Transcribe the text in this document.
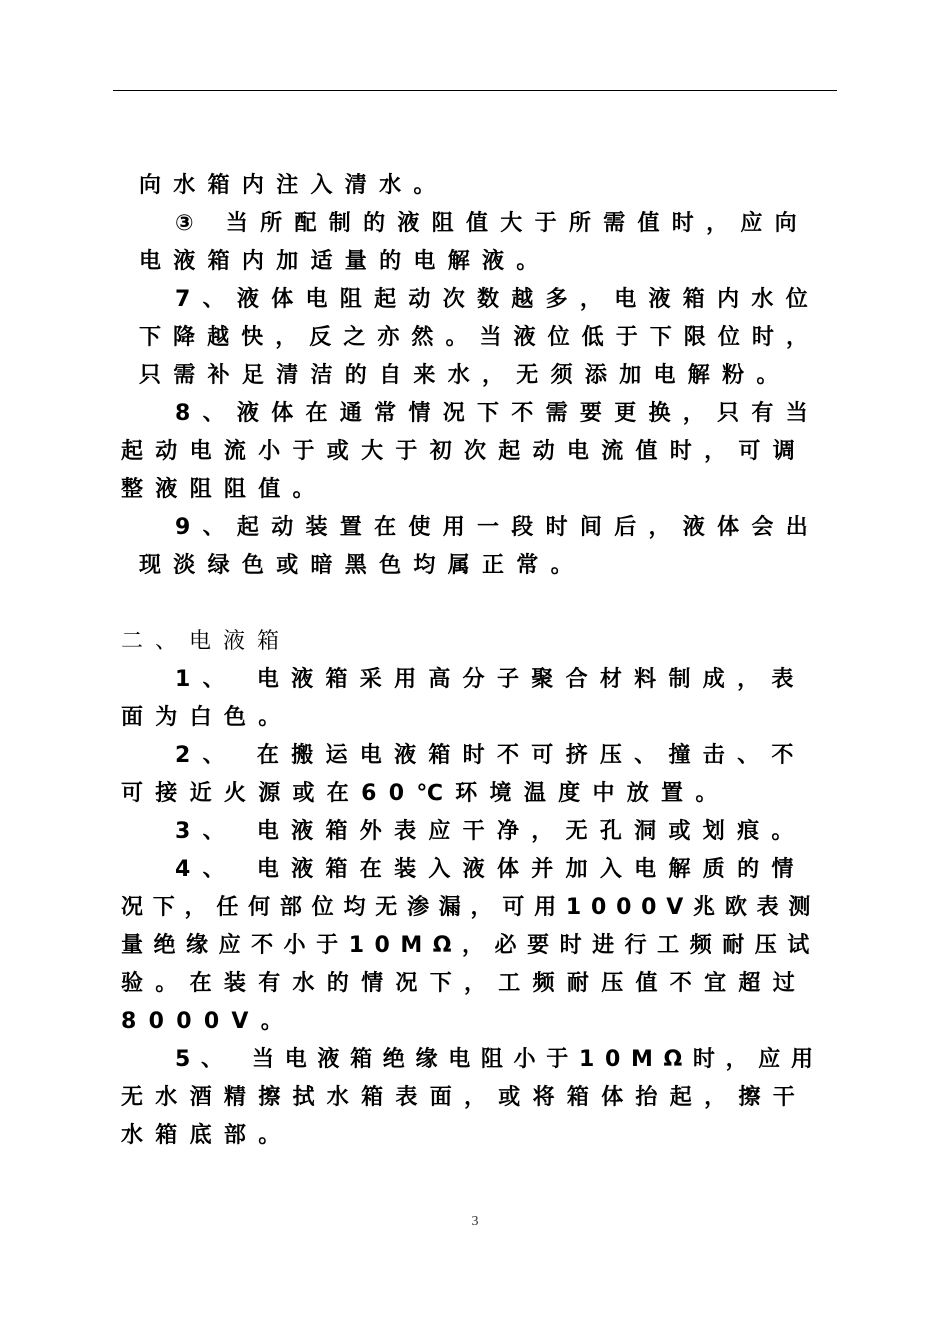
向水箱内注入清水。
③ 当所配制的液阻值大于所需值时，应向
电液箱内加适量的电解液。
7、液体电阻起动次数越多，电液箱内水位
下降越快，反之亦然。当液位低于下限位时，
只需补足清洁的自来水，无须添加电解粉。
8、液体在通常情况下不需要更换，只有当
起动电流小于或大于初次起动电流值时，可调
整液阻阻值。
9、起动装置在使用一段时间后，液体会出
现淡绿色或暗黑色均属正常。
二、电液箱
1、 电液箱采用高分子聚合材料制成，表
面为白色。
2、 在搬运电液箱时不可挤压、撞击、不
可接近火源或在60℃环境温度中放置。
3、 电液箱外表应干净，无孔洞或划痕。
4、 电液箱在装入液体并加入电解质的情
况下，任何部位均无渗漏，可用1000V兆欧表测
量绝缘应不小于10MΩ，必要时进行工频耐压试
验。在装有水的情况下，工频耐压值不宜超过
8000V。
5、 当电液箱绝缘电阻小于10MΩ时，应用
无水酒精擦拭水箱表面，或将箱体抬起，擦干
水箱底部。
3
